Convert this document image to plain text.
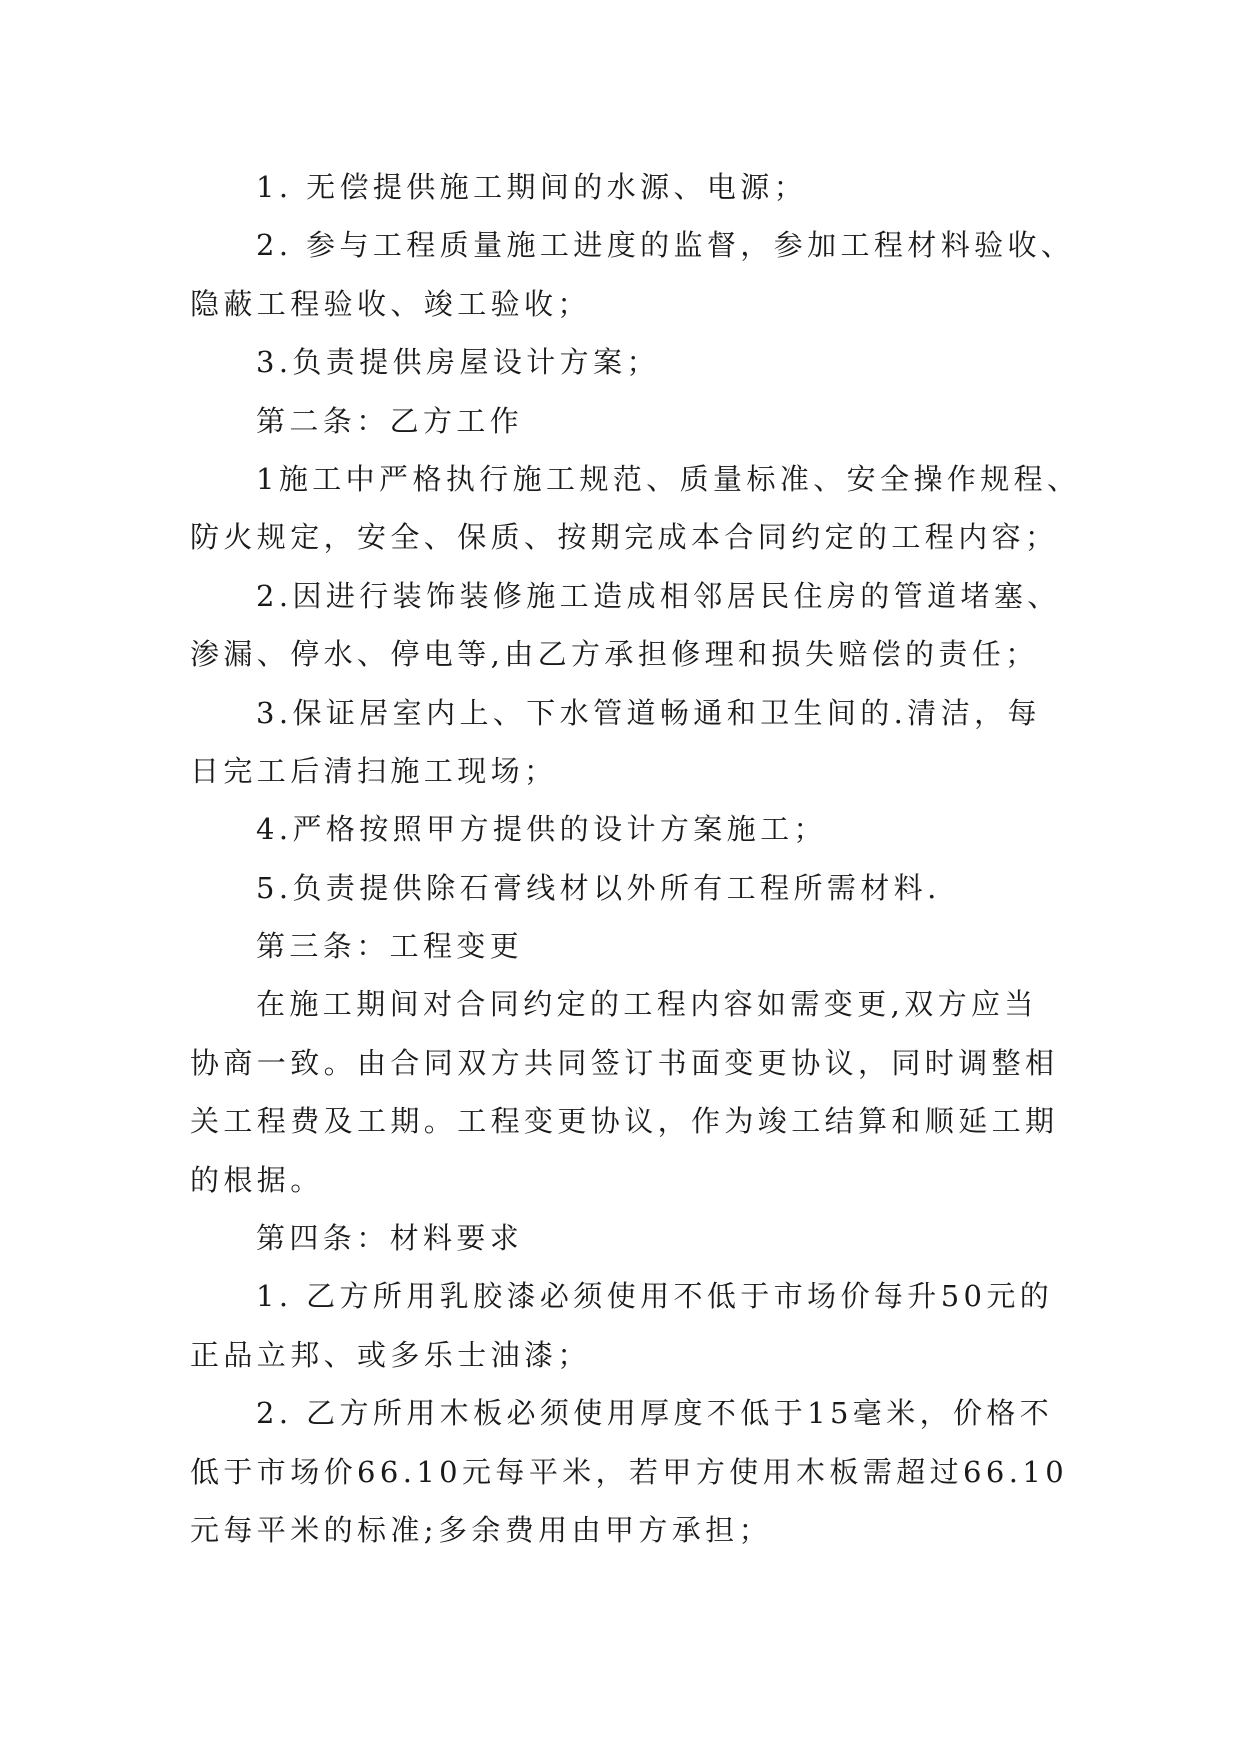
1. 无偿提供施工期间的水源、电源；
2. 参与工程质量施工进度的监督，参加工程材料验收、
隐蔽工程验收、竣工验收；
3.负责提供房屋设计方案；
第二条：乙方工作
1施工中严格执行施工规范、质量标准、安全操作规程、
防火规定，安全、保质、按期完成本合同约定的工程内容；
2.因进行装饰装修施工造成相邻居民住房的管道堵塞、
渗漏、停水、停电等,由乙方承担修理和损失赔偿的责任；
3.保证居室内上、下水管道畅通和卫生间的.清洁，每
日完工后清扫施工现场；
4.严格按照甲方提供的设计方案施工；
5.负责提供除石膏线材以外所有工程所需材料.
第三条：工程变更
在施工期间对合同约定的工程内容如需变更,双方应当
协商一致。由合同双方共同签订书面变更协议，同时调整相
关工程费及工期。工程变更协议，作为竣工结算和顺延工期
的根据。
第四条：材料要求
1. 乙方所用乳胶漆必须使用不低于市场价每升50元的
正品立邦、或多乐士油漆；
2. 乙方所用木板必须使用厚度不低于15毫米，价格不
低于市场价66.10元每平米，若甲方使用木板需超过66.10
元每平米的标准;多余费用由甲方承担；
